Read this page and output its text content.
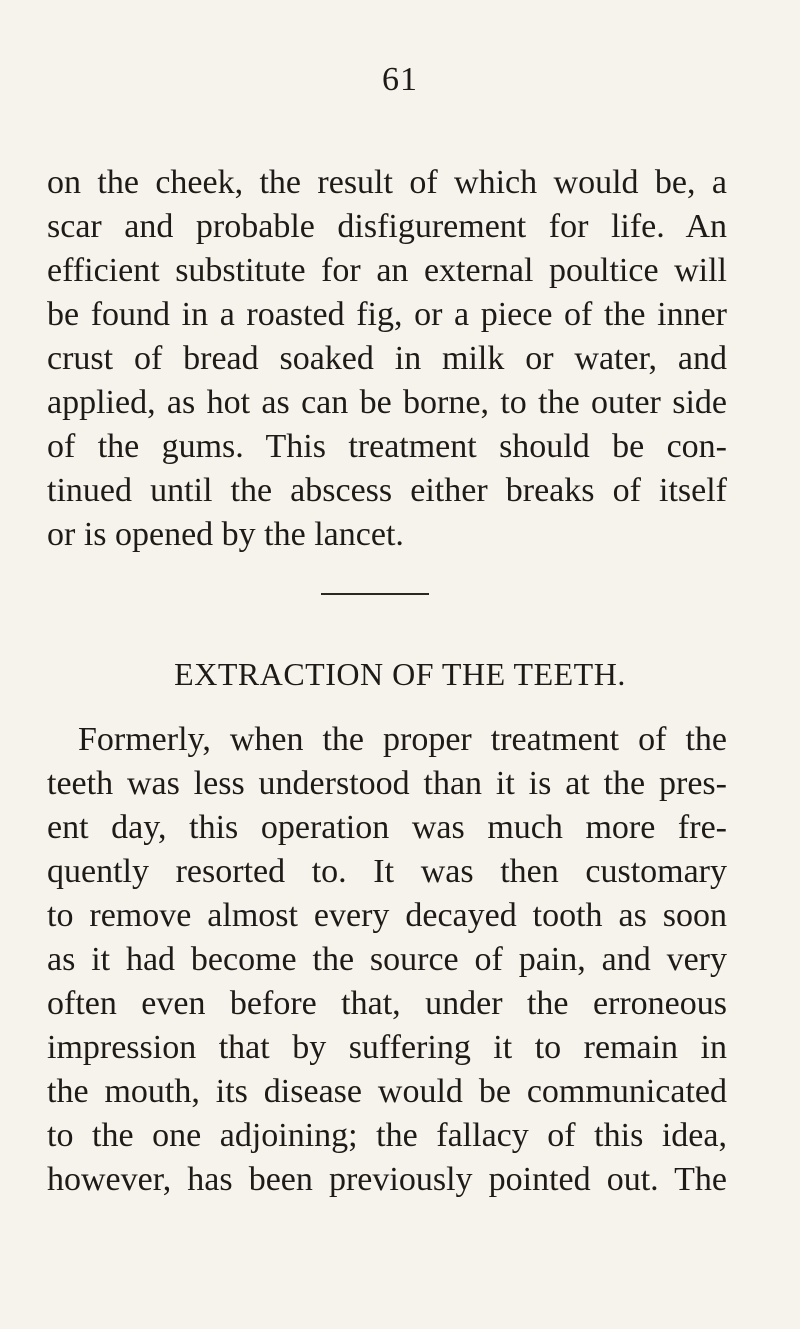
61
on the cheek, the result of which would be, a
scar and probable disfigurement for life. An
efficient substitute for an external poultice will
be found in a roasted fig, or a piece of the inner
crust of bread soaked in milk or water, and
applied, as hot as can be borne, to the outer side
of the gums. This treatment should be con-
tinued until the abscess either breaks of itself
or is opened by the lancet.
EXTRACTION OF THE TEETH.
Formerly, when the proper treatment of the
teeth was less understood than it is at the pres-
ent day, this operation was much more fre-
quently resorted to. It was then customary
to remove almost every decayed tooth as soon
as it had become the source of pain, and very
often even before that, under the erroneous
impression that by suffering it to remain in
the mouth, its disease would be communicated
to the one adjoining; the fallacy of this idea,
however, has been previously pointed out. The
